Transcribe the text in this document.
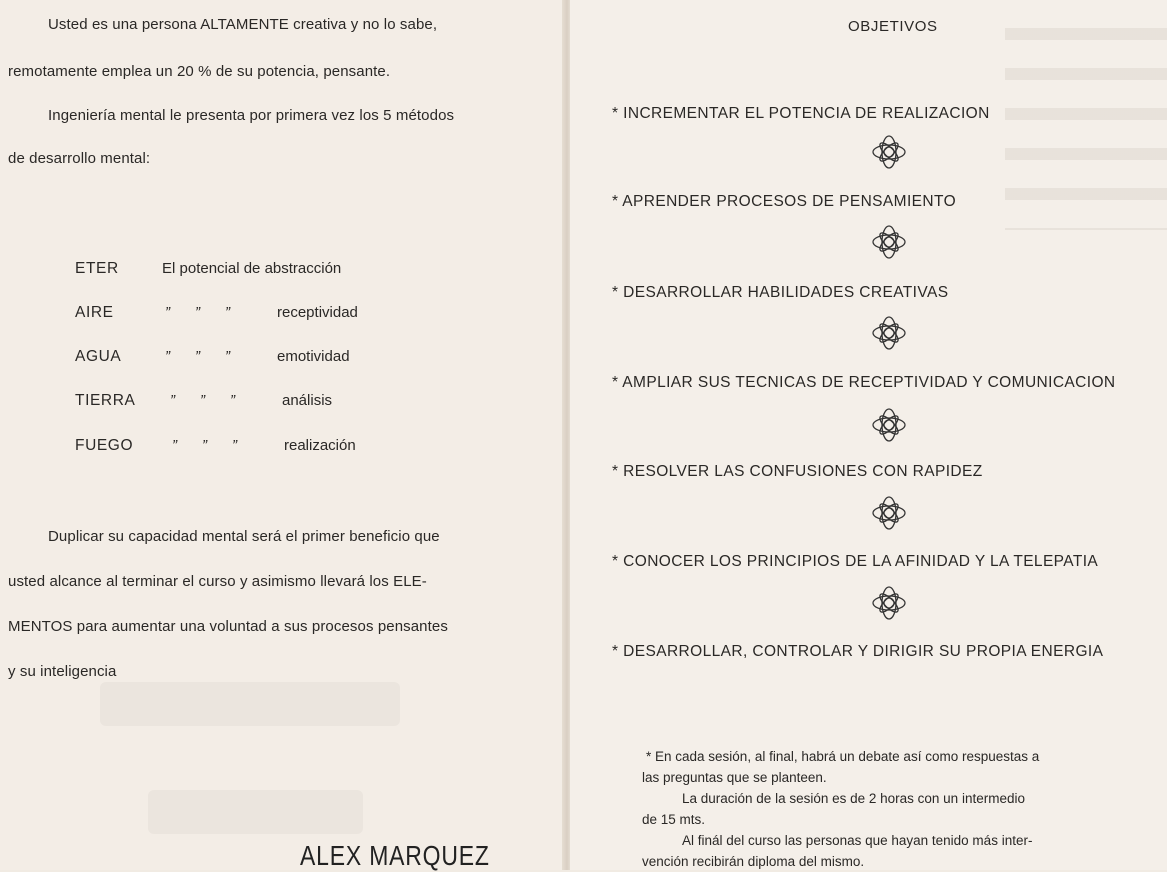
Usted es una persona ALTAMENTE creativa y no lo sabe,
remotamente emplea un 20 % de su potencia, pensante.
Ingeniería mental le presenta por primera vez los 5 métodos
de desarrollo mental:
ETER	El potencial de abstracción
AIRE	”      ”      ”	receptividad
AGUA	”      ”      ”	emotividad
TIERRA ”      ”      ”	análisis
FUEGO	”      ”      ”	realización
Duplicar su capacidad mental será el primer beneficio que
usted alcance al terminar el curso y asimismo llevará los ELE-
MENTOS para aumentar una voluntad a sus procesos pensantes
y su inteligencia
ALEX MARQUEZ
OBJETIVOS
* INCREMENTAR EL POTENCIA DE REALIZACION
* APRENDER PROCESOS DE PENSAMIENTO
* DESARROLLAR HABILIDADES CREATIVAS
* AMPLIAR SUS TECNICAS DE RECEPTIVIDAD Y COMUNICACION
* RESOLVER LAS CONFUSIONES CON RAPIDEZ
* CONOCER LOS PRINCIPIOS DE LA AFINIDAD Y LA TELEPATIA
* DESARROLLAR, CONTROLAR Y DIRIGIR SU PROPIA ENERGIA
* En cada sesión, al final, habrá un debate así como respuestas a
las preguntas que se planteen.
La duración de la sesión es de 2 horas con un intermedio
de 15 mts.
Al finál del curso las personas que hayan tenido más inter-
vención recibirán diploma del mismo.
